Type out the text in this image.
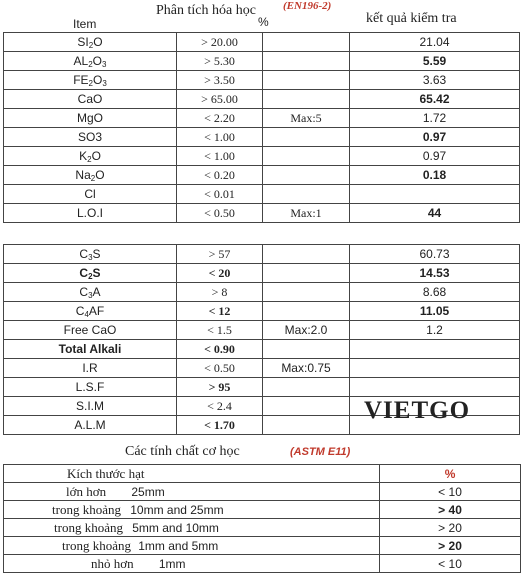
Phân tích hóa học (EN196-2)
kết quả kiểm tra
Item	%
$SI_2O$	> 20.00		21.04
$AL_2O_3$	> 5.30		5.59
$FE_2O_3$	> 3.50		3.63
CaO	> 65.00		65.42
MgO	< 2.20	Max:5	1.72
SO3	< 1.00		0.97
$K_2O$	< 1.00		0.97
$Na_2O$	< 0.20		0.18
Cl	< 0.01		
L.O.I	< 0.50	Max:1	44

$C_3S$	> 57		60.73
$C_2S$	< 20		14.53
$C_3A$	> 8		8.68
$C_4AF$	< 12		11.05
Free CaO	< 1.5	Max:2.0	1.2
Total Alkali	< 0.90		
I.R	< 0.50	Max:0.75	
L.S.F	> 95		
S.I.M	< 2.4		
A.L.M	< 1.70		
VIETGO
Các tính chất cơ học	(ASTM E11)
Kích thước hạt	%
lớn hơn 25mm	< 10
trong khoảng 10mm and 25mm	> 40
trong khoảng 5mm and 10mm	> 20
trong khoảng 1mm and 5mm	> 20
nhỏ hơn 1mm	< 10
